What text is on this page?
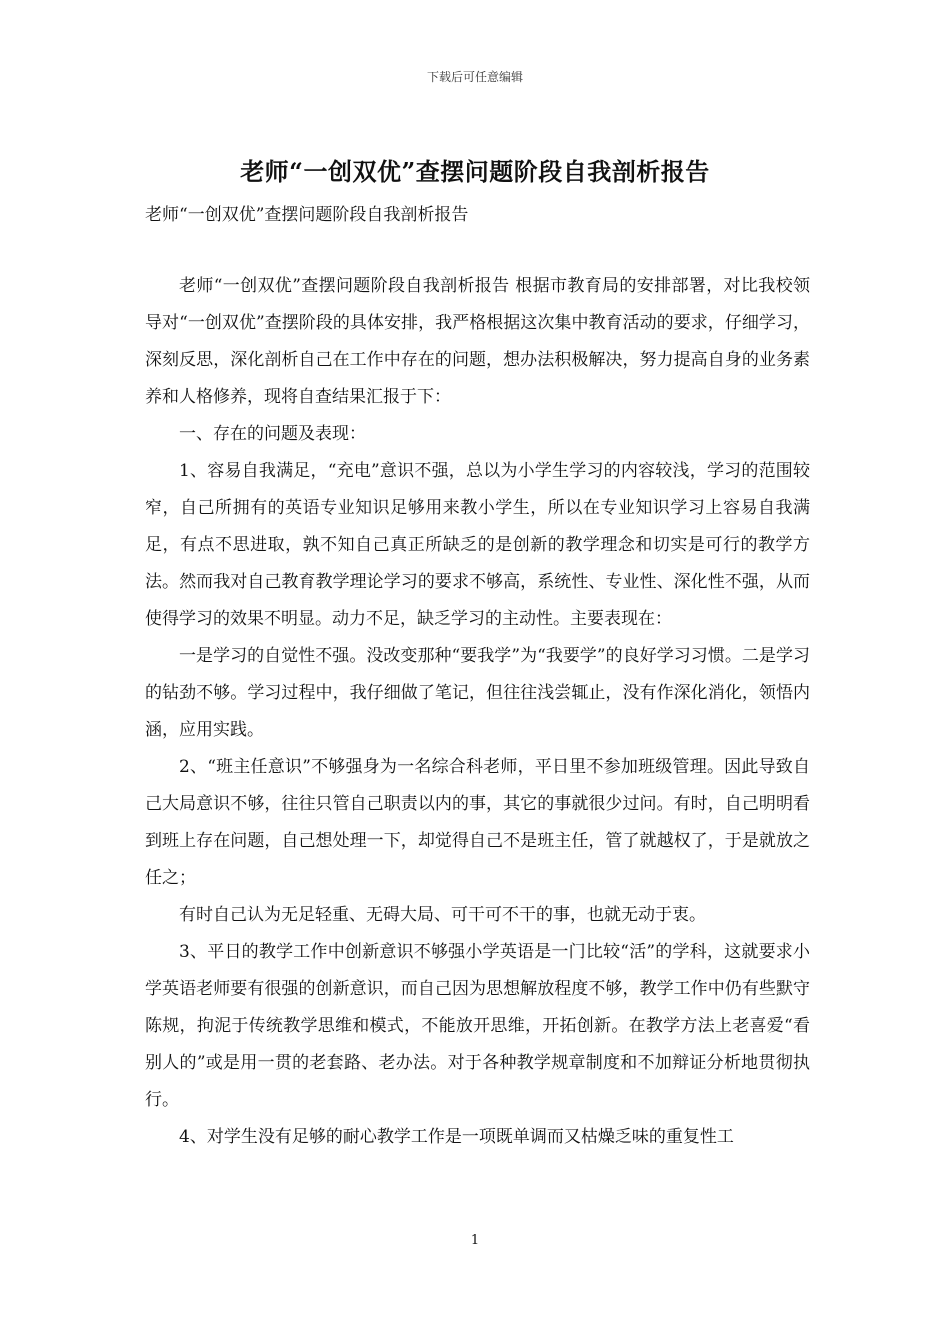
下载后可任意编辑
老师“一创双优”查摆问题阶段自我剖析报告
老师“一创双优”查摆问题阶段自我剖析报告

老师“一创双优”查摆问题阶段自我剖析报告 根据市教育局的安排部署，对比我校领导对“一创双优”查摆阶段的具体安排，我严格根据这次集中教育活动的要求，仔细学习，深刻反思，深化剖析自己在工作中存在的问题，想办法积极解决，努力提高自身的业务素养和人格修养，现将自查结果汇报于下：

一、存在的问题及表现：

1、容易自我满足，“充电”意识不强，总以为小学生学习的内容较浅，学习的范围较窄，自己所拥有的英语专业知识足够用来教小学生，所以在专业知识学习上容易自我满足，有点不思进取，孰不知自己真正所缺乏的是创新的教学理念和切实是可行的教学方法。然而我对自己教育教学理论学习的要求不够高，系统性、专业性、深化性不强，从而使得学习的效果不明显。动力不足，缺乏学习的主动性。主要表现在：

一是学习的自觉性不强。没改变那种“要我学”为“我要学”的良好学习习惯。二是学习的钻劲不够。学习过程中，我仔细做了笔记，但往往浅尝辄止，没有作深化消化，领悟内涵，应用实践。

2、“班主任意识”不够强身为一名综合科老师，平日里不参加班级管理。因此导致自己大局意识不够，往往只管自己职责以内的事，其它的事就很少过问。有时，自己明明看到班上存在问题，自己想处理一下，却觉得自己不是班主任，管了就越权了，于是就放之任之；

有时自己认为无足轻重、无碍大局、可干可不干的事，也就无动于衷。

3、平日的教学工作中创新意识不够强小学英语是一门比较“活”的学科，这就要求小学英语老师要有很强的创新意识，而自己因为思想解放程度不够，教学工作中仍有些默守陈规，拘泥于传统教学思维和模式，不能放开思维，开拓创新。在教学方法上老喜爱“看别人的”或是用一贯的老套路、老办法。对于各种教学规章制度和不加辩证分析地贯彻执行。

4、对学生没有足够的耐心教学工作是一项既单调而又枯燥乏味的重复性工

1
